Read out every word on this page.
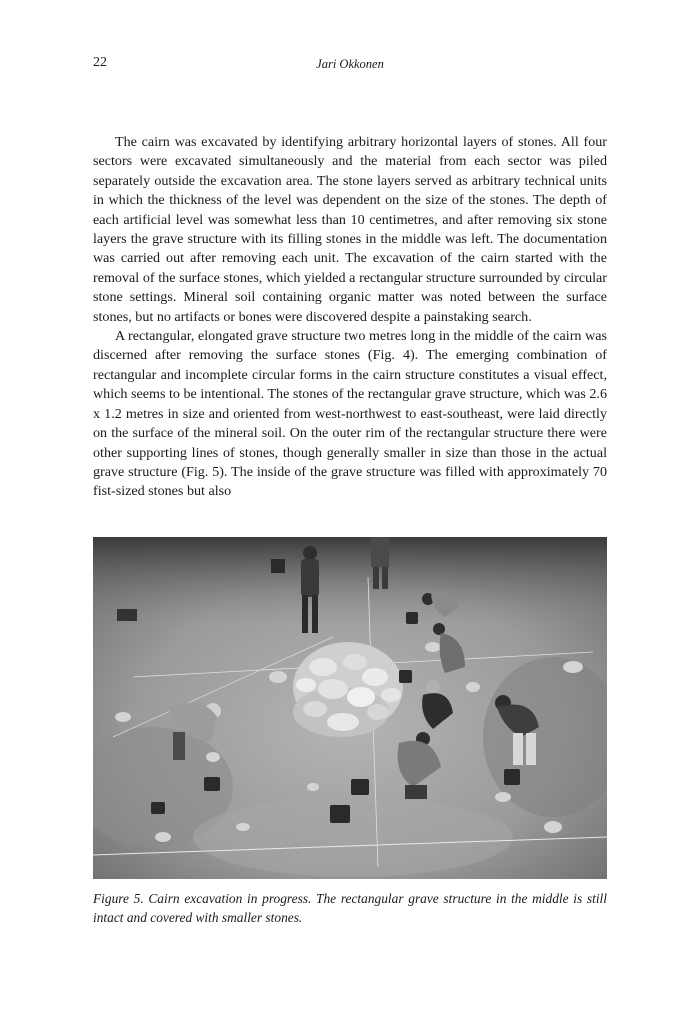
22	Jari Okkonen

The cairn was excavated by identifying arbitrary horizontal layers of stones. All four sectors were excavated simultaneously and the material from each sector was piled separately outside the excavation area. The stone layers served as arbitrary technical units in which the thickness of the level was dependent on the size of the stones. The depth of each artificial level was somewhat less than 10 centimetres, and after removing six stone layers the grave structure with its filling stones in the middle was left. The documentation was carried out after removing each unit. The excavation of the cairn started with the removal of the surface stones, which yielded a rectangular structure surrounded by circular stone settings. Mineral soil containing organic matter was noted between the surface stones, but no artifacts or bones were discovered despite a painstaking search.

A rectangular, elongated grave structure two metres long in the middle of the cairn was discerned after removing the surface stones (Fig. 4). The emerging combination of rectangular and incomplete circular forms in the cairn structure constitutes a visual effect, which seems to be intentional. The stones of the rectangular grave structure, which was 2.6 x 1.2 metres in size and oriented from west-northwest to east-southeast, were laid directly on the surface of the mineral soil. On the outer rim of the rectangular structure there were other supporting lines of stones, though generally smaller in size than those in the actual grave structure (Fig. 5). The inside of the grave structure was filled with approximately 70 fist-sized stones but also

Figure 5. Cairn excavation in progress. The rectangular grave structure in the middle is still intact and covered with smaller stones.
